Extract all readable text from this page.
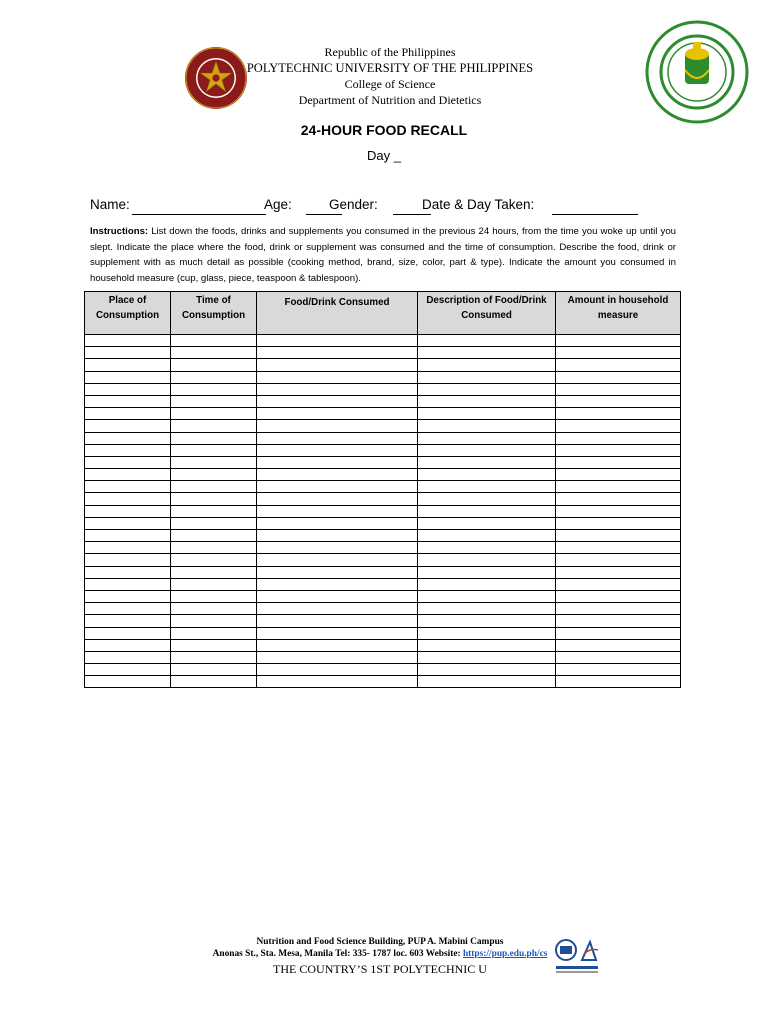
Republic of the Philippines
POLYTECHNIC UNIVERSITY OF THE PHILIPPINES
College of Science
Department of Nutrition and Dietetics
24-HOUR FOOD RECALL
Day _
Name:	Age:	Gender:	Date & Day Taken:
Instructions: List down the foods, drinks and supplements you consumed in the previous 24 hours, from the time you woke up until you slept. Indicate the place where the food, drink or supplement was consumed and the time of consumption. Describe the food, drink or supplement with as much detail as possible (cooking method, brand, size, color, part & type). Indicate the amount you consumed in household measure (cup, glass, piece, teaspoon & tablespoon).
Place of Consumption	Time of Consumption	Food/Drink Consumed	Description of Food/Drink Consumed	Amount in household measure

Nutrition and Food Science Building, PUP A. Mabini Campus
Anonas St., Sta. Mesa, Manila Tel: 335- 1787 loc. 603 Website: https://pup.edu.ph/cs
THE COUNTRY’S 1ST POLYTECHNIC U
